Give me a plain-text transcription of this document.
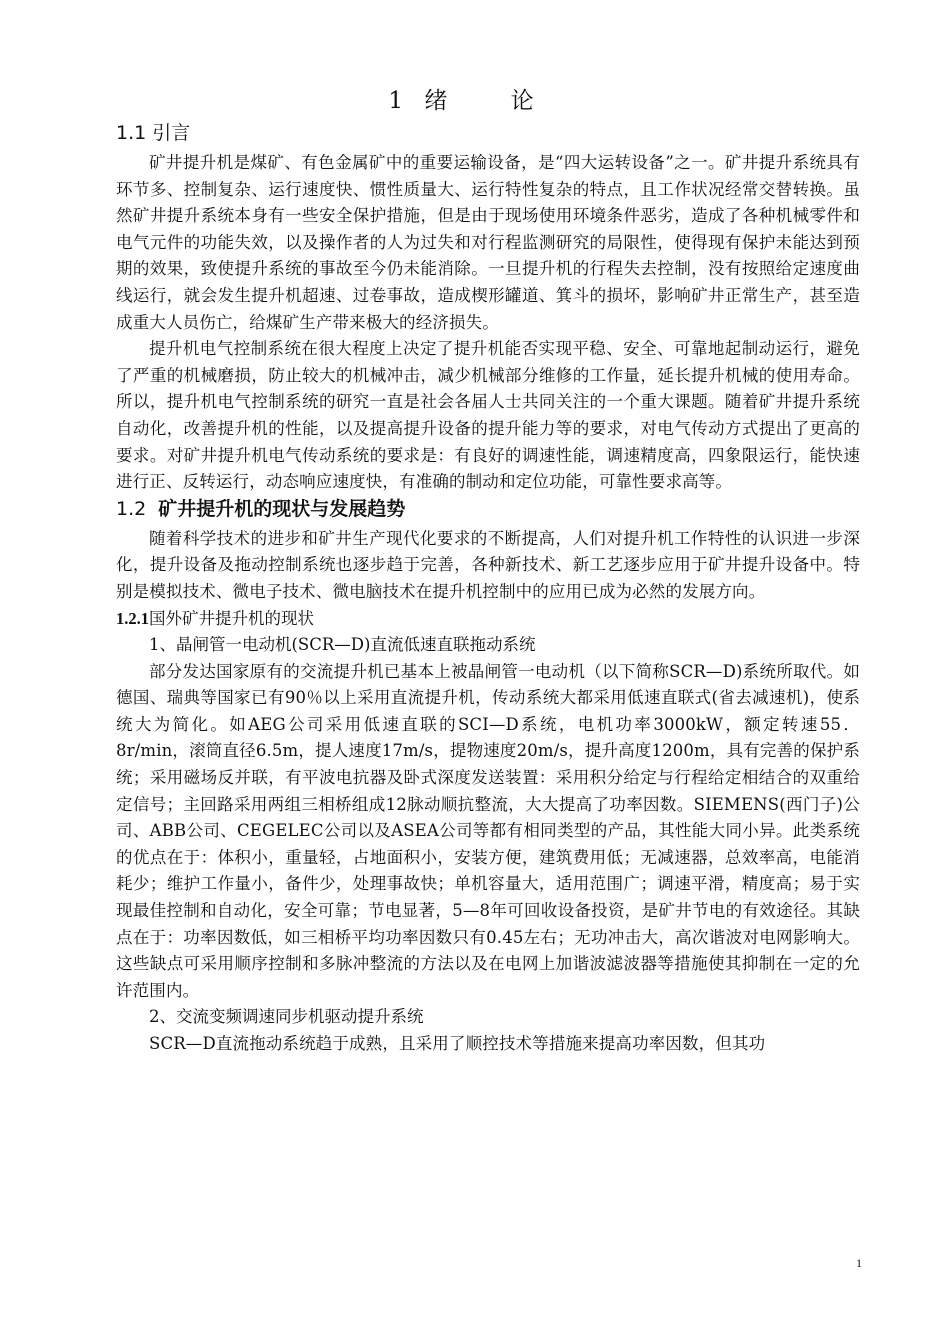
1 绪 论
1.1 引言

矿井提升机是煤矿、有色金属矿中的重要运输设备，是“四大运转设备”之一。矿井提升系统具有环节多、控制复杂、运行速度快、惯性质量大、运行特性复杂的特点，且工作状况经常交替转换。虽然矿井提升系统本身有一些安全保护措施，但是由于现场使用环境条件恶劣，造成了各种机械零件和电气元件的功能失效，以及操作者的人为过失和对行程监测研究的局限性，使得现有保护未能达到预期的效果，致使提升系统的事故至今仍未能消除。一旦提升机的行程失去控制，没有按照给定速度曲线运行，就会发生提升机超速、过卷事故，造成楔形罐道、箕斗的损坏，影响矿井正常生产，甚至造成重大人员伤亡，给煤矿生产带来极大的经济损失。

提升机电气控制系统在很大程度上决定了提升机能否实现平稳、安全、可靠地起制动运行，避免了严重的机械磨损，防止较大的机械冲击，减少机械部分维修的工作量，延长提升机械的使用寿命。所以，提升机电气控制系统的研究一直是社会各届人士共同关注的一个重大课题。随着矿井提升系统自动化，改善提升机的性能，以及提高提升设备的提升能力等的要求，对电气传动方式提出了更高的要求。对矿井提升机电气传动系统的要求是：有良好的调速性能，调速精度高，四象限运行，能快速进行正、反转运行，动态响应速度快，有准确的制动和定位功能，可靠性要求高等。

1.2 矿井提升机的现状与发展趋势

随着科学技术的进步和矿井生产现代化要求的不断提高，人们对提升机工作特性的认识进一步深化，提升设备及拖动控制系统也逐步趋于完善，各种新技术、新工艺逐步应用于矿井提升设备中。特别是模拟技术、微电子技术、微电脑技术在提升机控制中的应用已成为必然的发展方向。

1.2.1国外矿井提升机的现状
1、晶闸管一电动机(SCR—D)直流低速直联拖动系统

部分发达国家原有的交流提升机已基本上被晶闸管一电动机（以下简称SCR—D)系统所取代。如德国、瑞典等国家已有90％以上采用直流提升机，传动系统大都采用低速直联式(省去减速机)，使系统大为简化。如AEG公司采用低速直联的SCI—D系统，电机功率3000kW，额定转速55．8r/min，滚筒直径6.5m，提人速度17m/s，提物速度20m/s，提升高度1200m，具有完善的保护系统；采用磁场反并联，有平波电抗器及卧式深度发送装置：采用积分给定与行程给定相结合的双重给定信号；主回路采用两组三相桥组成12脉动顺抗整流，大大提高了功率因数。SIEMENS(西门子)公司、ABB公司、CEGELEC公司以及ASEA公司等都有相同类型的产品，其性能大同小异。此类系统的优点在于：体积小，重量轻，占地面积小，安装方便，建筑费用低；无减速器，总效率高，电能消耗少；维护工作量小，备件少，处理事故快；单机容量大，适用范围广；调速平滑，精度高；易于实现最佳控制和自动化，安全可靠；节电显著，5—8年可回收设备投资，是矿井节电的有效途径。其缺点在于：功率因数低，如三相桥平均功率因数只有0.45左右；无功冲击大，高次谐波对电网影响大。这些缺点可采用顺序控制和多脉冲整流的方法以及在电网上加谐波滤波器等措施使其抑制在一定的允许范围内。

2、交流变频调速同步机驱动提升系统

SCR—D直流拖动系统趋于成熟，且采用了顺控技术等措施来提高功率因数，但其功

1
